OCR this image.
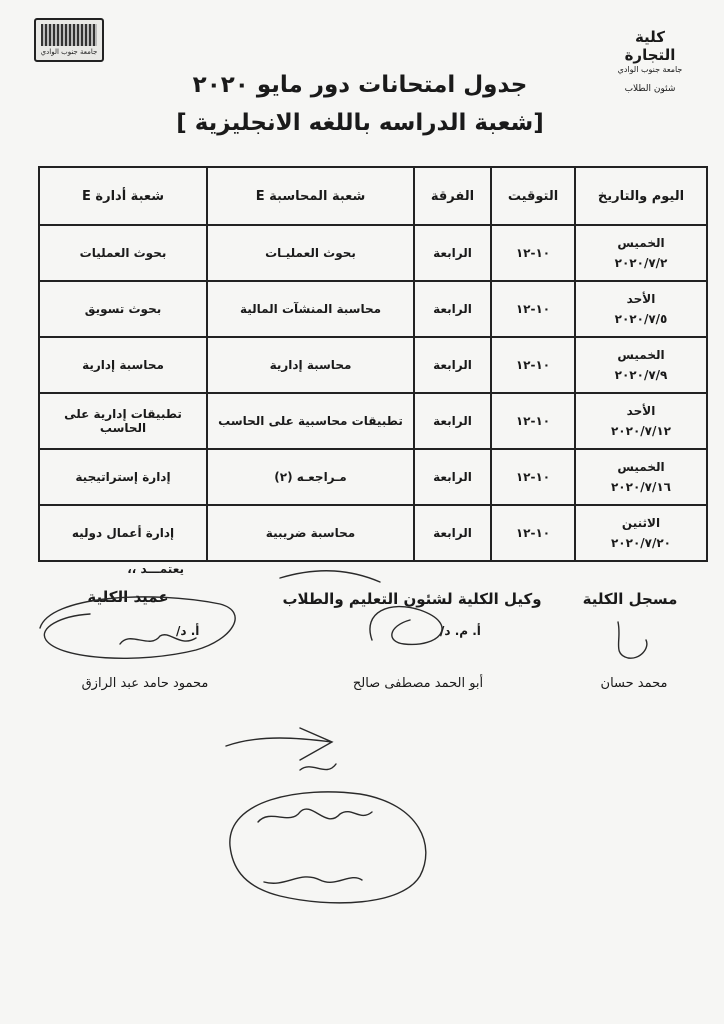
جامعة جنوب الوادي
كلية التجارة
جامعة جنوب الوادي
شئون الطلاب
جدول امتحانات دور مايو ٢٠٢٠
[شعبة الدراسه باللغه الانجليزية ]
اليوم والتاريخ	التوقيت	الفرقة	شعبة المحاسبة E	شعبة أدارة E

الخميس
٢٠٢٠/٧/٢	١٠-١٢	الرابعة	بحوث العمليـات	بحوث العمليات

الأحد
٢٠٢٠/٧/٥	١٠-١٢	الرابعة	محاسبة المنشآت المالية	بحوث تسويق

الخميس
٢٠٢٠/٧/٩	١٠-١٢	الرابعة	محاسبة إدارية	محاسبة إدارية

الأحد
٢٠٢٠/٧/١٢	١٠-١٢	الرابعة	تطبيقات محاسبية على الحاسب	تطبيقات إدارية على الحاسب

الخميس
٢٠٢٠/٧/١٦	١٠-١٢	الرابعة	مـراجعـه (٢)	إدارة إستراتيجية

الاثنين
٢٠٢٠/٧/٢٠	١٠-١٢	الرابعة	محاسبة ضريبية	إدارة أعمال دوليه
يعتمـــد ،،
عميد الكلية
أ. د/
وكيل الكلية لشئون التعليم والطلاب
أ. م. د/
مسجل الكلية
محمود حامد عبد الرازق	أبو الحمد مصطفى صالح	محمد حسان
